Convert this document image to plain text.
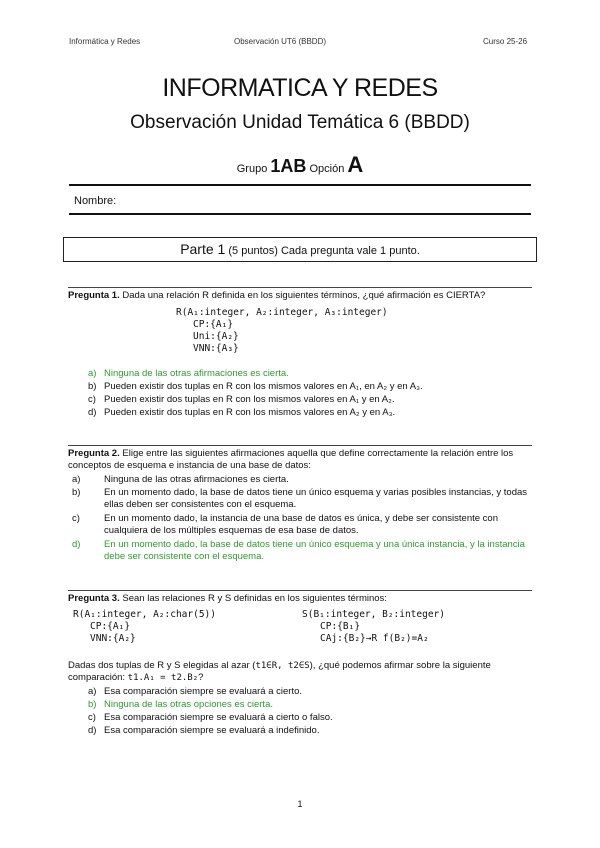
Informática y Redes	Observación UT6 (BBDD)	Curso 25-26
INFORMATICA Y REDES
Observación Unidad Temática 6 (BBDD)
Grupo 1AB Opción A
Nombre:
Parte 1 (5 puntos) Cada pregunta vale 1 punto.
Pregunta 1. Dada una relación R definida en los siguientes términos, ¿qué afirmación es CIERTA?
R(A₁:integer, A₂:integer, A₃:integer)
CP:{A₁}
Uni:{A₂}
VNN:{A₃}
a) Ninguna de las otras afirmaciones es cierta.
b) Pueden existir dos tuplas en R con los mismos valores en A₁, en A₂ y en A₃.
c) Pueden existir dos tuplas en R con los mismos valores en A₁ y en A₂.
d) Pueden existir dos tuplas en R con los mismos valores en A₂ y en A₃.
Pregunta 2. Elige entre las siguientes afirmaciones aquella que define correctamente la relación entre los conceptos de esquema e instancia de una base de datos:
a) Ninguna de las otras afirmaciones es cierta.
b) En un momento dado, la base de datos tiene un único esquema y varias posibles instancias, y todas ellas deben ser consistentes con el esquema.
c)	En un momento dado, la instancia de una base de datos es única, y debe ser consistente con cualquiera de los múltiples esquemas de esa base de datos.
d) En un momento dado, la base de datos tiene un único esquema y una única instancia, y la instancia debe ser consistente con el esquema.
Pregunta 3. Sean las relaciones R y S definidas en los siguientes términos:
R(A₁:integer, A₂:char(5))
CP:{A₁}
VNN:{A₂}
S(B₁:integer, B₂:integer)
CP:{B₁}
CAj:{B₂}→R f(B₂)=A₂
Dadas dos tuplas de R y S elegidas al azar (t1∈R, t2∈S), ¿qué podemos afirmar sobre la siguiente
comparación: t1.A₁ = t2.B₂?
a) Esa comparación siempre se evaluará a cierto.
b) Ninguna de las otras opciones es cierta.
c) Esa comparación siempre se evaluará a cierto o falso.
d) Esa comparación siempre se evaluará a indefinido.
1
